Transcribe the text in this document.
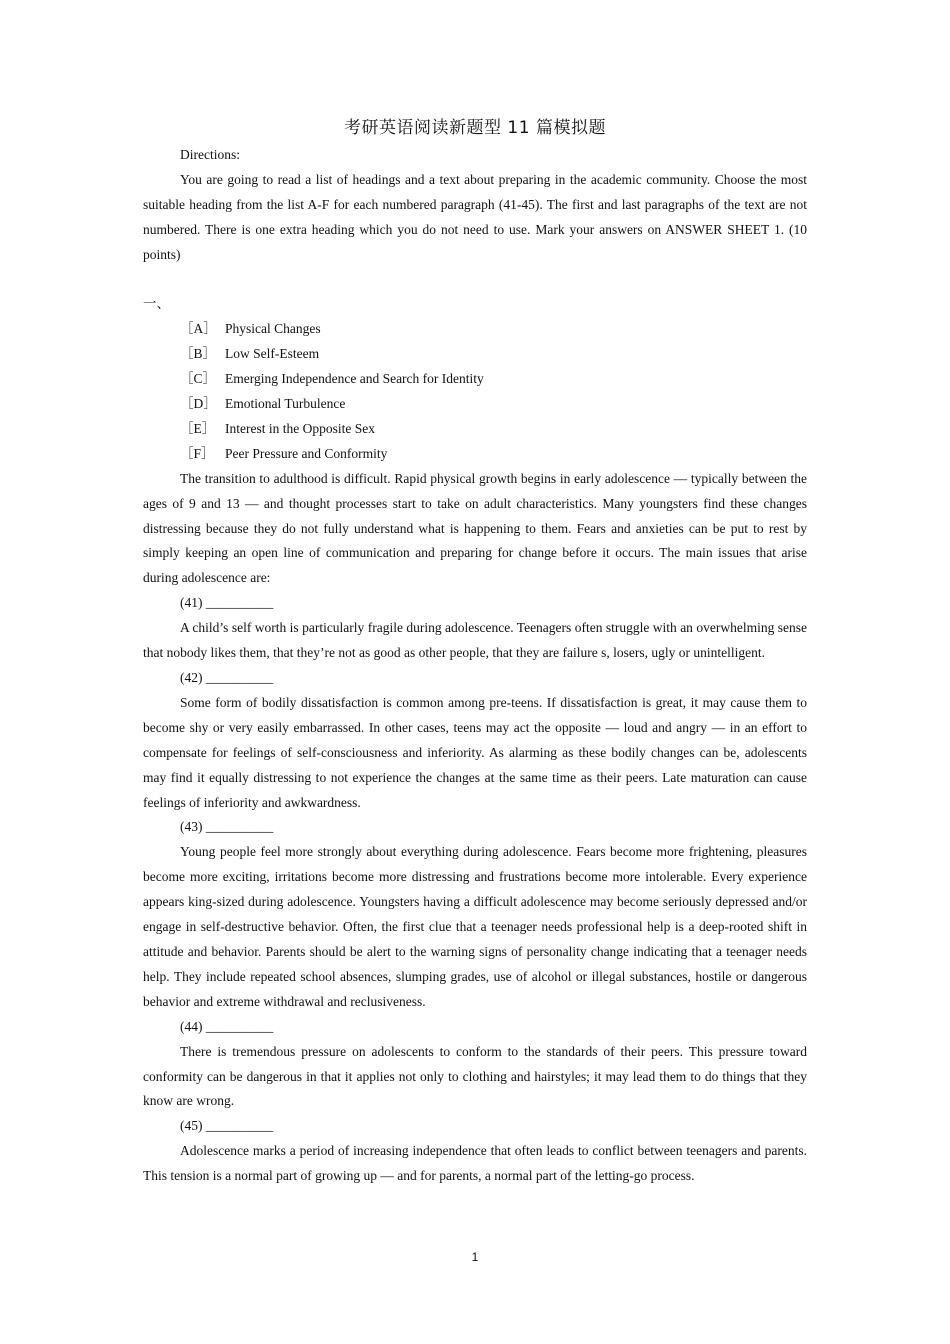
考研英语阅读新题型 11 篇模拟题

Directions:

You are going to read a list of headings and a text about preparing in the academic community. Choose the most suitable heading from the list A-F for each numbered paragraph (41-45). The first and last paragraphs of the text are not numbered. There is one extra heading which you do not need to use. Mark your answers on ANSWER SHEET 1. (10 points)

一、

［A］ Physical Changes

［B］ Low Self-Esteem

［C］ Emerging Independence and Search for Identity

［D］ Emotional Turbulence

［E］ Interest in the Opposite Sex

［F］ Peer Pressure and Conformity

The transition to adulthood is difficult. Rapid physical growth begins in early adolescence — typically between the ages of 9 and 13 — and thought processes start to take on adult characteristics. Many youngsters find these changes distressing because they do not fully understand what is happening to them. Fears and anxieties can be put to rest by simply keeping an open line of communication and preparing for change before it occurs. The main issues that arise during adolescence are:

(41) __________

A child’s self worth is particularly fragile during adolescence. Teenagers often struggle with an overwhelming sense that nobody likes them, that they’re not as good as other people, that they are failure s, losers, ugly or unintelligent.

(42) __________

Some form of bodily dissatisfaction is common among pre-teens. If dissatisfaction is great, it may cause them to become shy or very easily embarrassed. In other cases, teens may act the opposite — loud and angry — in an effort to compensate for feelings of self-consciousness and inferiority. As alarming as these bodily changes can be, adolescents may find it equally distressing to not experience the changes at the same time as their peers. Late maturation can cause feelings of inferiority and awkwardness.

(43) __________

Young people feel more strongly about everything during adolescence. Fears become more frightening, pleasures become more exciting, irritations become more distressing and frustrations become more intolerable. Every experience appears king-sized during adolescence. Youngsters having a difficult adolescence may become seriously depressed and/or engage in self-destructive behavior. Often, the first clue that a teenager needs professional help is a deep-rooted shift in attitude and behavior. Parents should be alert to the warning signs of personality change indicating that a teenager needs help. They include repeated school absences, slumping grades, use of alcohol or illegal substances, hostile or dangerous behavior and extreme withdrawal and reclusiveness.

(44) __________

There is tremendous pressure on adolescents to conform to the standards of their peers. This pressure toward conformity can be dangerous in that it applies not only to clothing and hairstyles; it may lead them to do things that they know are wrong.

(45) __________

Adolescence marks a period of increasing independence that often leads to conflict between teenagers and parents. This tension is a normal part of growing up — and for parents, a normal part of the letting-go process.

1
